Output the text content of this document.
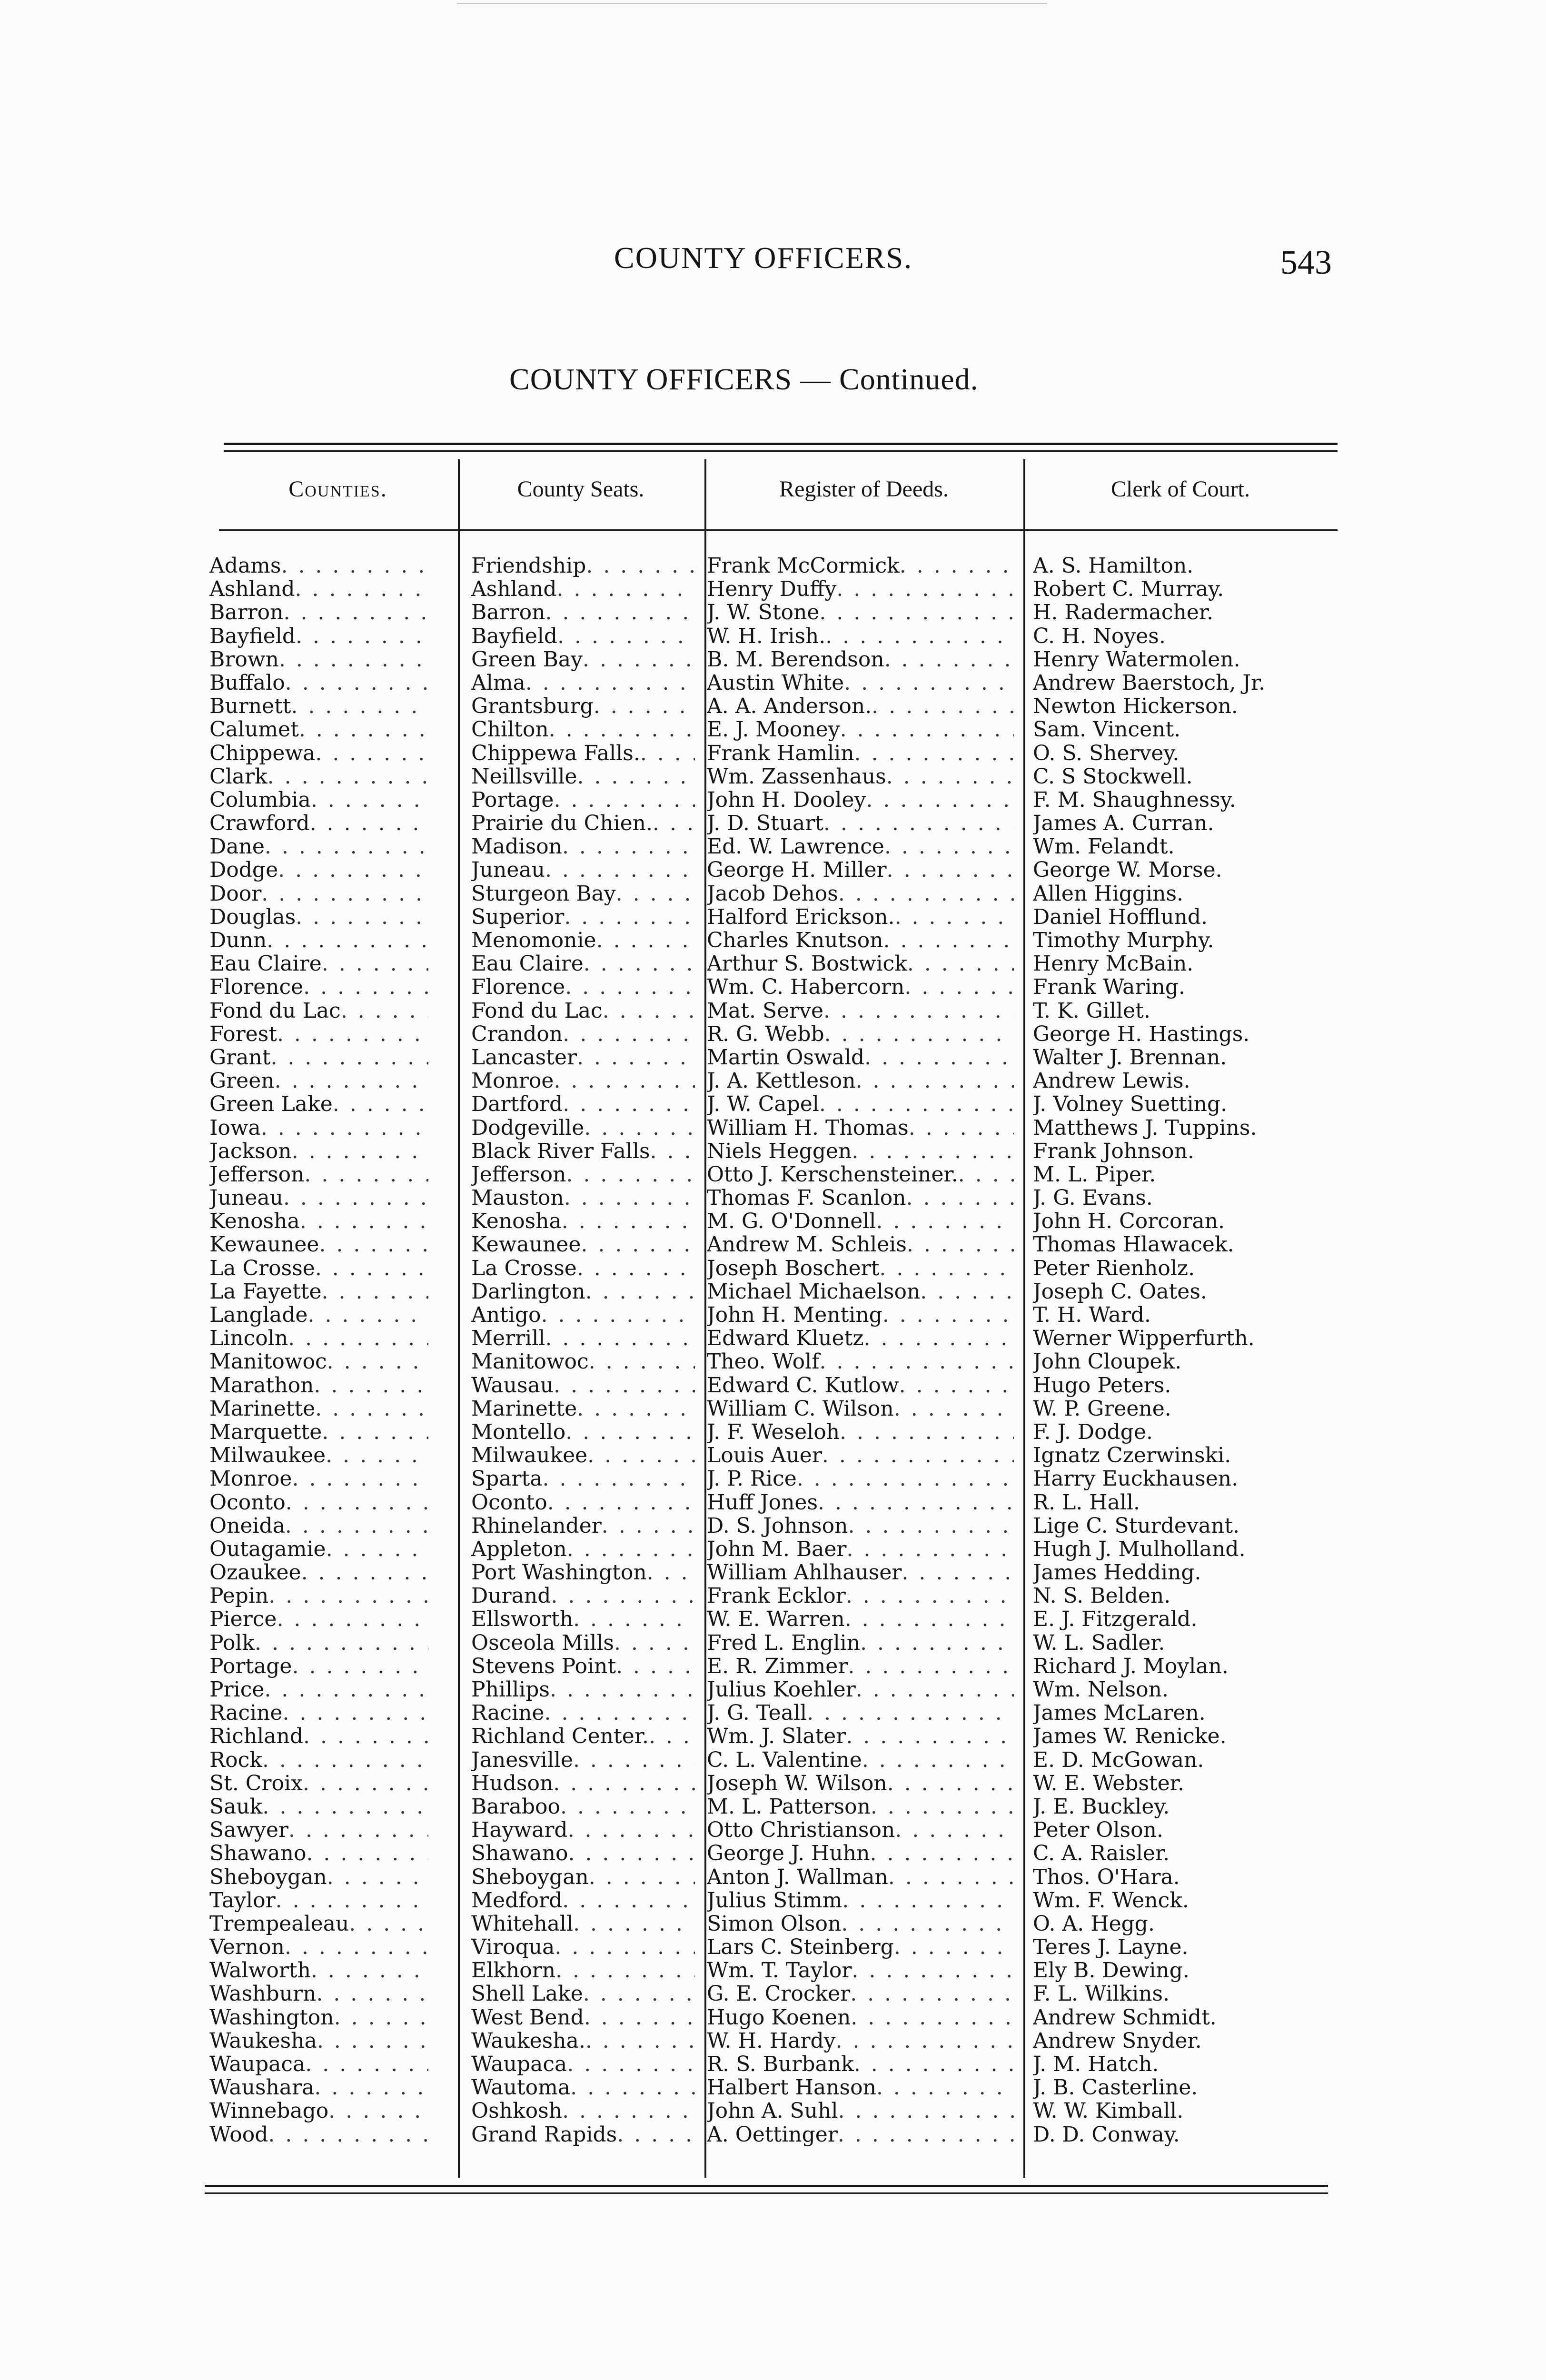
COUNTY OFFICERS.	543
COUNTY OFFICERS — Continued.
Counties.	County Seats.	Register of Deeds.	Clerk of Court.
Adams . . .	Friendship . . .	Frank McCormick . . .	A. S. Hamilton.
Ashland . . .	Ashland . . .	Henry Duffy . . .	Robert C. Murray.
Barron . . .	Barron . . .	J. W. Stone . . .	H. Radermacher.
Bayfield . . .	Bayfield . . .	W. H. Irish. . . .	C. H. Noyes.
Brown . . .	Green Bay . . .	B. M. Berendson . . .	Henry Watermolen.
Buffalo . . .	Alma . . .	Austin White . . .	Andrew Baerstoch, Jr.
Burnett . . .	Grantsburg . . .	A. A. Anderson. . . .	Newton Hickerson.
Calumet . . .	Chilton . . .	E. J. Mooney . . .	Sam. Vincent.
Chippewa . . .	Chippewa Falls. . . .	Frank Hamlin . . .	O. S. Shervey.
Clark . . .	Neillsville . . .	Wm. Zassenhaus . . .	C. S Stockwell.
Columbia . . .	Portage . . .	John H. Dooley . . .	F. M. Shaughnessy.
Crawford . . .	Prairie du Chien. . . .	J. D. Stuart . . .	James A. Curran.
Dane . . .	Madison . . .	Ed. W. Lawrence . . .	Wm. Felandt.
Dodge . . .	Juneau . . .	George H. Miller . . .	George W. Morse.
Door . . .	Sturgeon Bay . . .	Jacob Dehos . . .	Allen Higgins.
Douglas . . .	Superior . . .	Halford Erickson. . . .	Daniel Hofflund.
Dunn . . .	Menomonie . . .	Charles Knutson . . .	Timothy Murphy.
Eau Claire . . .	Eau Claire . . .	Arthur S. Bostwick . . .	Henry McBain.
Florence . . .	Florence . . .	Wm. C. Habercorn . . .	Frank Waring.
Fond du Lac . . .	Fond du Lac . . .	Mat. Serve . . .	T. K. Gillet.
Forest . . .	Crandon . . .	R. G. Webb . . .	George H. Hastings.
Grant . . .	Lancaster . . .	Martin Oswald . . .	Walter J. Brennan.
Green . . .	Monroe . . .	J. A. Kettleson . . .	Andrew Lewis.
Green Lake . . .	Dartford . . .	J. W. Capel . . .	J. Volney Suetting.
Iowa . . .	Dodgeville . . .	William H. Thomas . . .	Matthews J. Tuppins.
Jackson . . .	Black River Falls . . .	Niels Heggen . . .	Frank Johnson.
Jefferson . . .	Jefferson . . .	Otto J. Kerschensteiner. . . .	M. L. Piper.
Juneau . . .	Mauston . . .	Thomas F. Scanlon . . .	J. G. Evans.
Kenosha . . .	Kenosha . . .	M. G. O'Donnell . . .	John H. Corcoran.
Kewaunee . . .	Kewaunee . . .	Andrew M. Schleis . . .	Thomas Hlawacek.
La Crosse . . .	La Crosse . . .	Joseph Boschert . . .	Peter Rienholz.
La Fayette . . .	Darlington . . .	Michael Michaelson . . .	Joseph C. Oates.
Langlade . . .	Antigo . . .	John H. Menting . . .	T. H. Ward.
Lincoln . . .	Merrill . . .	Edward Kluetz . . .	Werner Wipperfurth.
Manitowoc . . .	Manitowoc . . .	Theo. Wolf . . .	John Cloupek.
Marathon . . .	Wausau . . .	Edward C. Kutlow . . .	Hugo Peters.
Marinette . . .	Marinette . . .	William C. Wilson . . .	W. P. Greene.
Marquette . . .	Montello . . .	J. F. Weseloh . . .	F. J. Dodge.
Milwaukee . . .	Milwaukee . . .	Louis Auer . . .	Ignatz Czerwinski.
Monroe . . .	Sparta . . .	J. P. Rice . . .	Harry Euckhausen.
Oconto . . .	Oconto . . .	Huff Jones . . .	R. L. Hall.
Oneida . . .	Rhinelander . . .	D. S. Johnson . . .	Lige C. Sturdevant.
Outagamie . . .	Appleton . . .	John M. Baer . . .	Hugh J. Mulholland.
Ozaukee . . .	Port Washington . . .	William Ahlhauser . . .	James Hedding.
Pepin . . .	Durand . . .	Frank Ecklor . . .	N. S. Belden.
Pierce . . .	Ellsworth . . .	W. E. Warren . . .	E. J. Fitzgerald.
Polk . . .	Osceola Mills . . .	Fred L. Englin . . .	W. L. Sadler.
Portage . . .	Stevens Point . . .	E. R. Zimmer . . .	Richard J. Moylan.
Price . . .	Phillips . . .	Julius Koehler . . .	Wm. Nelson.
Racine . . .	Racine . . .	J. G. Teall . . .	James McLaren.
Richland . . .	Richland Center. . . .	Wm. J. Slater . . .	James W. Renicke.
Rock . . .	Janesville . . .	C. L. Valentine . . .	E. D. McGowan.
St. Croix . . .	Hudson . . .	Joseph W. Wilson . . .	W. E. Webster.
Sauk . . .	Baraboo . . .	M. L. Patterson . . .	J. E. Buckley.
Sawyer . . .	Hayward . . .	Otto Christianson . . .	Peter Olson.
Shawano . . .	Shawano . . .	George J. Huhn . . .	C. A. Raisler.
Sheboygan . . .	Sheboygan . . .	Anton J. Wallman . . .	Thos. O'Hara.
Taylor . . .	Medford . . .	Julius Stimm . . .	Wm. F. Wenck.
Trempealeau . . .	Whitehall . . .	Simon Olson . . .	O. A. Hegg.
Vernon . . .	Viroqua . . .	Lars C. Steinberg . . .	Teres J. Layne.
Walworth . . .	Elkhorn . . .	Wm. T. Taylor . . .	Ely B. Dewing.
Washburn . . .	Shell Lake . . .	G. E. Crocker . . .	F. L. Wilkins.
Washington . . .	West Bend . . .	Hugo Koenen . . .	Andrew Schmidt.
Waukesha . . .	Waukesha. . . .	W. H. Hardy . . .	Andrew Snyder.
Waupaca . . .	Waupaca . . .	R. S. Burbank . . .	J. M. Hatch.
Waushara . . .	Wautoma . . .	Halbert Hanson . . .	J. B. Casterline.
Winnebago . . .	Oshkosh . . .	John A. Suhl . . .	W. W. Kimball.
Wood . . .	Grand Rapids . . .	A. Oettinger . . .	D. D. Conway.
